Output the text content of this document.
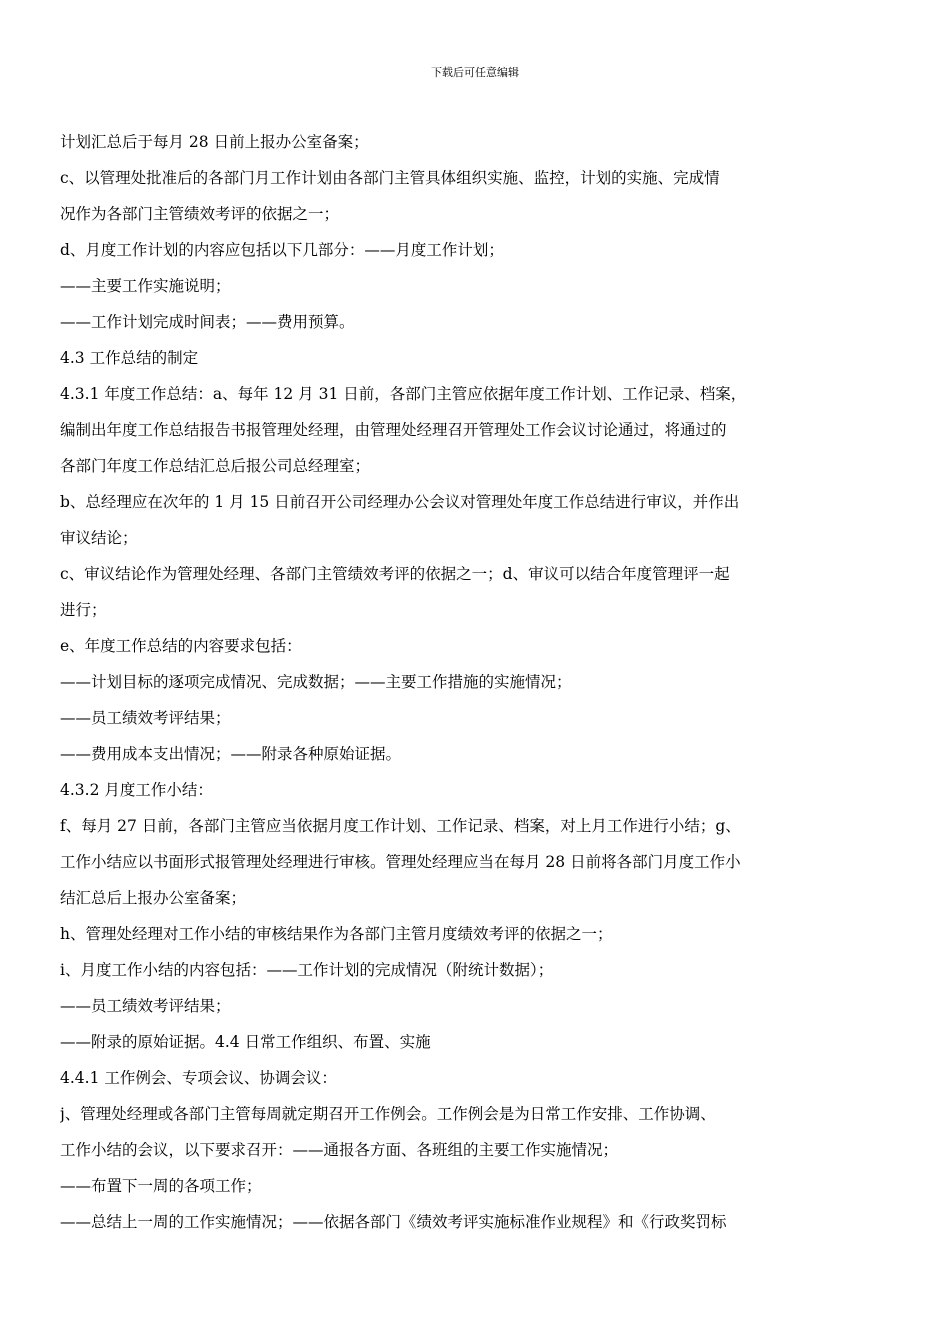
下载后可任意编辑
计划汇总后于每月 28 日前上报办公室备案；
c、以管理处批准后的各部门月工作计划由各部门主管具体组织实施、监控，计划的实施、完成情
况作为各部门主管绩效考评的依据之一；
d、月度工作计划的内容应包括以下几部分：——月度工作计划；
——主要工作实施说明；
——工作计划完成时间表；——费用预算。
4.3 工作总结的制定
4.3.1 年度工作总结：a、每年 12 月 31 日前，各部门主管应依据年度工作计划、工作记录、档案，
编制出年度工作总结报告书报管理处经理，由管理处经理召开管理处工作会议讨论通过，将通过的
各部门年度工作总结汇总后报公司总经理室；
b、总经理应在次年的 1 月 15 日前召开公司经理办公会议对管理处年度工作总结进行审议，并作出
审议结论；
c、审议结论作为管理处经理、各部门主管绩效考评的依据之一；d、审议可以结合年度管理评一起
进行；
e、年度工作总结的内容要求包括：
——计划目标的逐项完成情况、完成数据；——主要工作措施的实施情况；
——员工绩效考评结果；
——费用成本支出情况；——附录各种原始证据。
4.3.2 月度工作小结：
f、每月 27 日前，各部门主管应当依据月度工作计划、工作记录、档案，对上月工作进行小结；g、
工作小结应以书面形式报管理处经理进行审核。管理处经理应当在每月 28 日前将各部门月度工作小
结汇总后上报办公室备案；
h、管理处经理对工作小结的审核结果作为各部门主管月度绩效考评的依据之一；
i、月度工作小结的内容包括：——工作计划的完成情况（附统计数据）；
——员工绩效考评结果；
——附录的原始证据。4.4 日常工作组织、布置、实施
4.4.1 工作例会、专项会议、协调会议：
j、管理处经理或各部门主管每周就定期召开工作例会。工作例会是为日常工作安排、工作协调、
工作小结的会议，以下要求召开：——通报各方面、各班组的主要工作实施情况；
——布置下一周的各项工作；
——总结上一周的工作实施情况；——依据各部门《绩效考评实施标准作业规程》和《行政奖罚标
